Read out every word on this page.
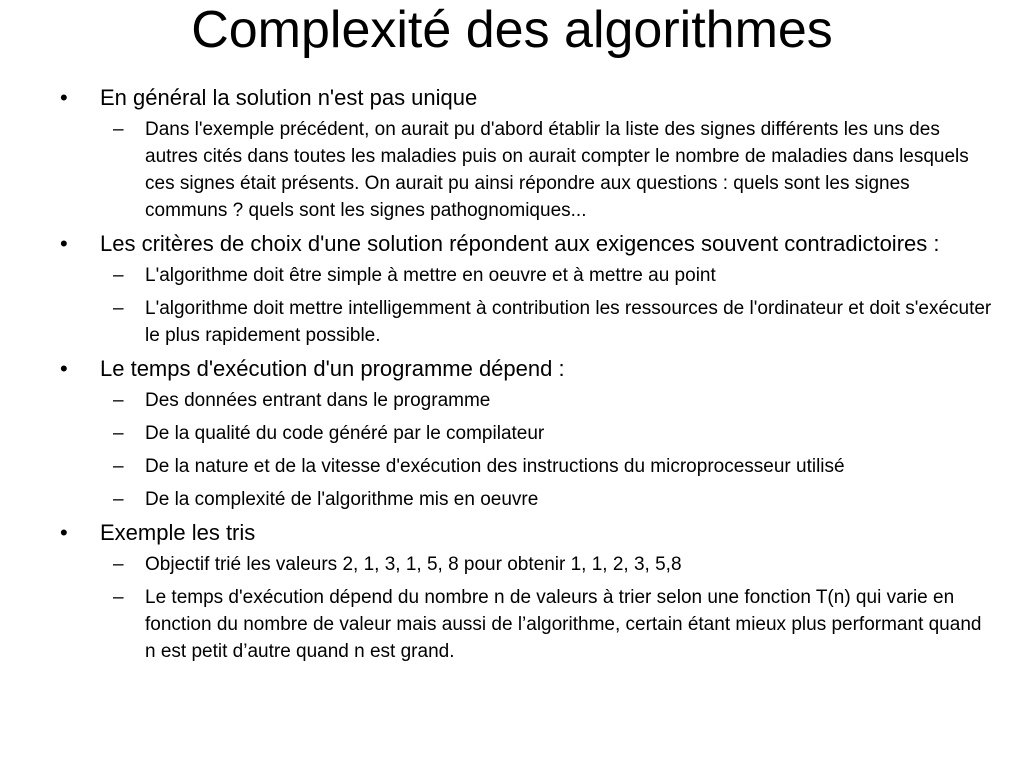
Complexité des algorithmes
• En général la solution n'est pas unique
– Dans l'exemple précédent, on aurait pu d'abord établir la liste des signes différents les uns des autres cités dans toutes les maladies puis on aurait compter le nombre de maladies dans lesquels ces signes était présents. On aurait pu ainsi répondre aux questions : quels sont les signes communs ? quels sont les signes pathognomiques...
• Les critères de choix d'une solution répondent aux exigences souvent contradictoires :
– L'algorithme doit être simple à mettre en oeuvre et à mettre au point
– L'algorithme doit mettre intelligemment à contribution les ressources de l'ordinateur et doit s'exécuter le plus rapidement possible.
• Le temps d'exécution d'un programme dépend :
– Des données entrant dans le programme
– De la qualité du code généré par le compilateur
– De la nature et de la vitesse d'exécution des instructions du microprocesseur utilisé
– De la complexité de l'algorithme mis en oeuvre
• Exemple les tris
– Objectif trié les valeurs 2, 1, 3, 1, 5, 8 pour obtenir 1, 1, 2, 3, 5,8
– Le temps d'exécution dépend du nombre n de valeurs à trier selon une fonction T(n) qui varie en fonction du nombre de valeur mais aussi de l’algorithme, certain étant mieux plus performant quand n est petit d’autre quand n est grand.
